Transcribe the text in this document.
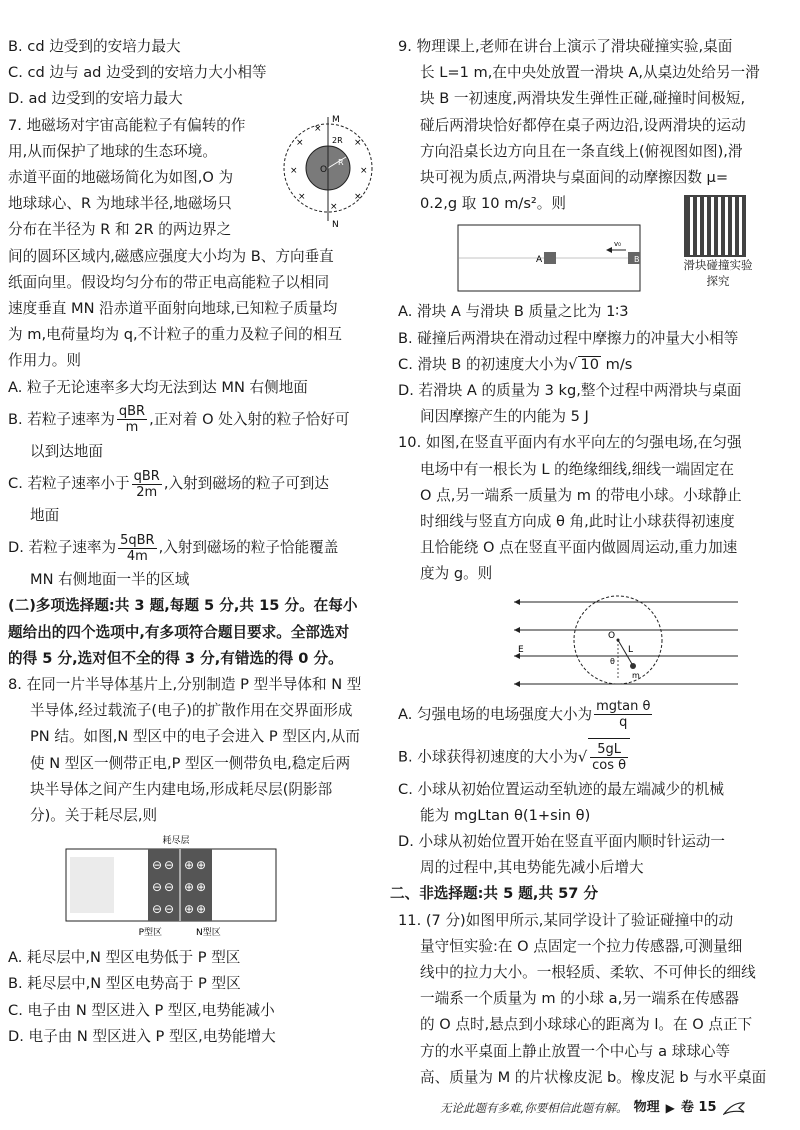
B. cd 边受到的安培力最大
C. cd 边与 ad 边受到的安培力大小相等
D. ad 边受到的安培力最大
7. 地磁场对宇宙高能粒子有偏转的作
用,从而保护了地球的生态环境。
赤道平面的地磁场简化为如图,O 为
地球球心、R 为地球半径,地磁场只
分布在半径为 R 和 2R 的两边界之
M
N
O
R
2R
×	×
×	×
×	×
×
×
间的圆环区域内,磁感应强度大小均为 B、方向垂直
纸面向里。假设均匀分布的带正电高能粒子以相同
速度垂直 MN 沿赤道平面射向地球,已知粒子质量均
为 m,电荷量均为 q,不计粒子的重力及粒子间的相互
作用力。则
A. 粒子无论速率多大均无法到达 MN 右侧地面
B. 若粒子速率为 $\frac{\text{qBR}}{m}$ ,正对着 O 处入射的粒子恰好可
以到达地面
C. 若粒子速率小于 $\frac{\text{qBR}}{2m}$ ,入射到磁场的粒子可到达
地面
D. 若粒子速率为 $\frac{\text{5qBR}}{4m}$ ,入射到磁场的粒子恰能覆盖
MN 右侧地面一半的区域
(二)多项选择题:共 3 题,每题 5 分,共 15 分。在每小
题给出的四个选项中,有多项符合题目要求。全部选对
的得 5 分,选对但不全的得 3 分,有错选的得 0 分。
8. 在同一片半导体基片上,分别制造 P 型半导体和 N 型
半导体,经过载流子(电子)的扩散作用在交界面形成
PN 结。如图,N 型区中的电子会进入 P 型区内,从而
使 N 型区一侧带正电,P 型区一侧带负电,稳定后两
块半导体之间产生内建电场,形成耗尽层(阴影部
分)。关于耗尽层,则
耗尽层
⊖ ⊖
⊖ ⊖
⊖ ⊖
⊕ ⊕
⊕ ⊕
⊕ ⊕
P型区	N型区
A. 耗尽层中,N 型区电势低于 P 型区
B. 耗尽层中,N 型区电势高于 P 型区
C. 电子由 N 型区进入 P 型区,电势能减小
D. 电子由 N 型区进入 P 型区,电势能增大
9. 物理课上,老师在讲台上演示了滑块碰撞实验,桌面
长 L=1 m,在中央处放置一滑块 A,从桌边处给另一滑
块 B 一初速度,两滑块发生弹性正碰,碰撞时间极短,
碰后两滑块恰好都停在桌子两边沿,设两滑块的运动
方向沿桌长边方向且在一条直线上(俯视图如图),滑
块可视为质点,两滑块与桌面间的动摩擦因数 μ=
0.2,g 取 10 m/s²。则
A	B
v₀
滑块碰撞实验探究
A. 滑块 A 与滑块 B 质量之比为 1∶3
B. 碰撞后两滑块在滑动过程中摩擦力的冲量大小相等
C. 滑块 B 的初速度大小为√ 10 m/s
D. 若滑块 A 的质量为 3 kg,整个过程中两滑块与桌面
间因摩擦产生的内能为 5 J
10. 如图,在竖直平面内有水平向左的匀强电场,在匀强
电场中有一根长为 L 的绝缘细线,细线一端固定在
O 点,另一端系一质量为 m 的带电小球。小球静止
时细线与竖直方向成 θ 角,此时让小球获得初速度
且恰能绕 O 点在竖直平面内做圆周运动,重力加速
度为 g。则
E
O
L
θ
m
A. 匀强电场的电场强度大小为 $\frac{\text{mgtan θ}}{q}$
B. 小球获得初速度的大小为√ $\frac{5gL}{\text{cos θ}}$
C. 小球从初始位置运动至轨迹的最左端减少的机械
能为 mgLtan θ(1+sin θ)
D. 小球从初始位置开始在竖直平面内顺时针运动一
周的过程中,其电势能先减小后增大
二、非选择题:共 5 题,共 57 分
11. (7 分)如图甲所示,某同学设计了验证碰撞中的动
量守恒实验:在 O 点固定一个拉力传感器,可测量细
线中的拉力大小。一根轻质、柔软、不可伸长的细线
一端系一个质量为 m 的小球 a,另一端系在传感器
的 O 点时,悬点到小球球心的距离为 l。在 O 点正下
方的水平桌面上静止放置一个中心与 a 球球心等
高、质量为 M 的片状橡皮泥 b。橡皮泥 b 与水平桌面
无论此题有多难,你要相信此题有解。 物理 ▶ 卷 15
